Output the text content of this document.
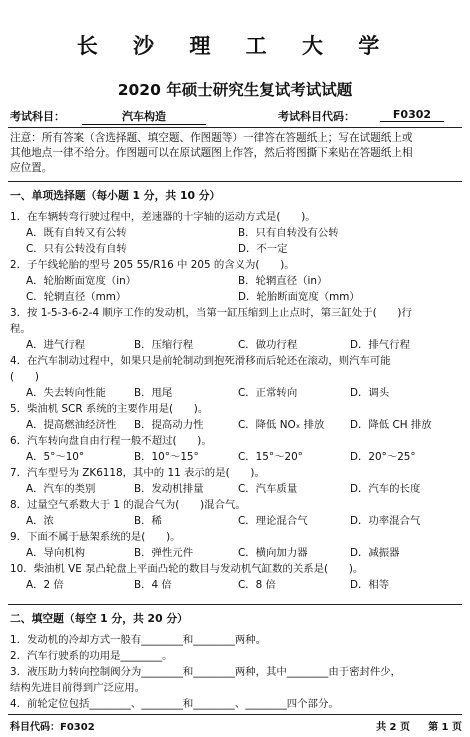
长 沙 理 工 大 学
2020 年硕士研究生复试考试试题
考试科目：	汽车构造	考试科目代码：	F0302
注意：所有答案（含选择题、填空题、作图题等）一律答在答题纸上；写在试题纸上或
其他地点一律不给分。作图题可以在原试题图上作答，然后将图撕下来贴在答题纸上相
应位置。
一、单项选择题（每小题 1 分，共 10 分）
1．在车辆转弯行驶过程中，差速器的十字轴的运动方式是(　　)。
A．既有自转又有公转	B．只有自转没有公转
C．只有公转没有自转	D．不一定
2．子午线轮胎的型号 205 55/R16 中 205 的含义为(　　)。
A．轮胎断面宽度（in）	B．轮辋直径（in）
C．轮辋直径（mm）	D．轮胎断面宽度（mm）
3．按 1-5-3-6-2-4 顺序工作的发动机，当第一缸压缩到上止点时，第三缸处于(　　)行
程。
A．进气行程	B．压缩行程	C．做功行程	D．排气行程
4．在汽车制动过程中，如果只是前轮制动到抱死滑移而后轮还在滚动，则汽车可能
(　　)
A．失去转向性能	B．甩尾	C．正常转向	D．调头
5．柴油机 SCR 系统的主要作用是(　　)。
A．提高燃油经济性 B．提高动力性	C．降低 NOₓ 排放 D．降低 CH 排放
6．汽车转向盘自由行程一般不超过(　　)。
A．5°～10°	B．10°～15°	C．15°～20°	D．20°～25°
7．汽车型号为 ZK6118，其中的 11 表示的是(　　)。
A．汽车的类别	B．发动机排量	C．汽车质量	D．汽车的长度
8．过量空气系数大于 1 的混合气为(　　)混合气。
A．浓	B．稀	C．理论混合气	D．功率混合气
9．下面不属于悬架系统的是(　　)。
A．导向机构	B．弹性元件	C．横向加力器	D．减振器
10．柴油机 VE 泵凸轮盘上平面凸轮的数目与发动机气缸数的关系是(　　)。
A．2 倍	B．4 倍	C．8 倍	D．相等
二、填空题（每空 1 分，共 20 分）
1．发动机的冷却方式一般有________和________两种。
2．汽车行驶系的功用是________。
3．液压助力转向控制阀分为________和________两种，其中________由于密封件少，
结构先进目前得到广泛应用。
4．前轮定位包括________、________和________、________四个部分。
科目代码：F0302	共 2 页 第 1 页
